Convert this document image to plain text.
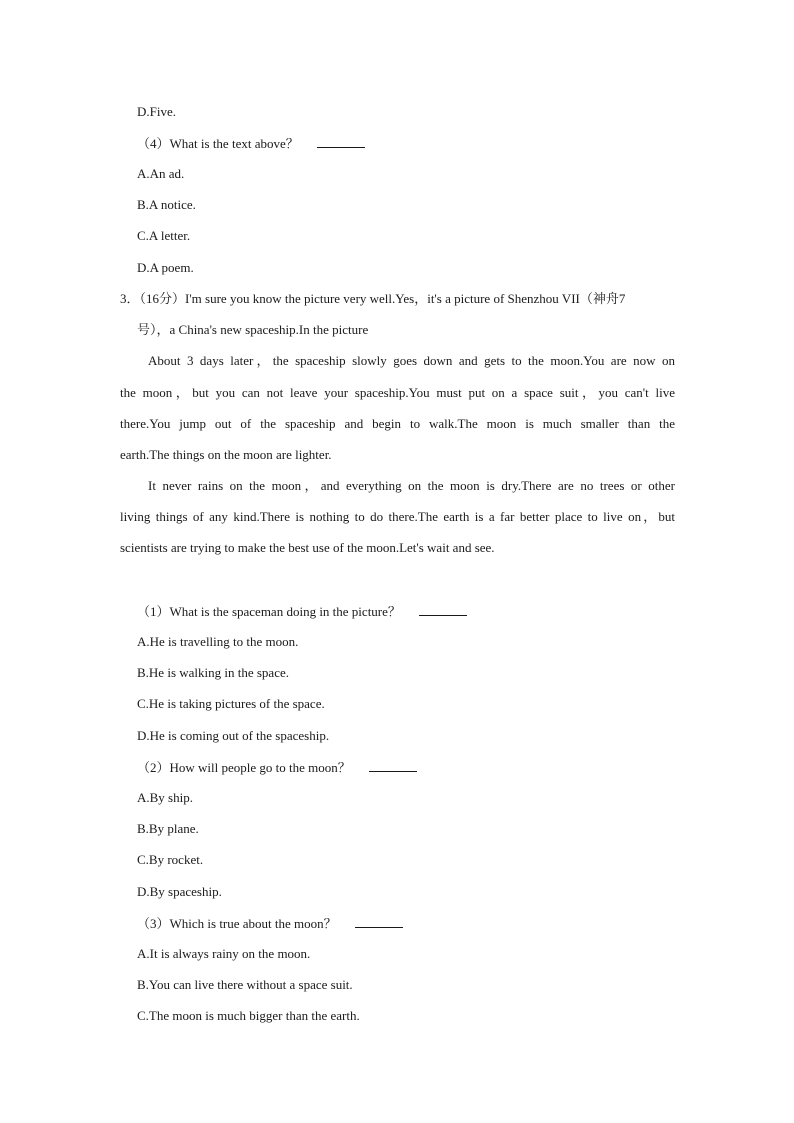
D.Five.
（4）What is the text above？
A.An ad.
B.A notice.
C.A letter.
D.A poem.
3．（16分）I'm sure you know the picture very well.Yes，it's a picture of Shenzhou VII（神舟7
号），a China's new spaceship.In the picture
About 3 days later，the spaceship slowly goes down and gets to the moon.You are now on
the moon，but you can not leave your spaceship.You must put on a space suit，you can't live
there.You jump out of the spaceship and begin to walk.The moon is much smaller than the
earth.The things on the moon are lighter.
It never rains on the moon，and everything on the moon is dry.There are no trees or other
living things of any kind.There is nothing to do there.The earth is a far better place to live on，but
scientists are trying to make the best use of the moon.Let's wait and see.
（1）What is the spaceman doing in the picture？
A.He is travelling to the moon.
B.He is walking in the space.
C.He is taking pictures of the space.
D.He is coming out of the spaceship.
（2）How will people go to the moon？
A.By ship.
B.By plane.
C.By rocket.
D.By spaceship.
（3）Which is true about the moon？
A.It is always rainy on the moon.
B.You can live there without a space suit.
C.The moon is much bigger than the earth.
